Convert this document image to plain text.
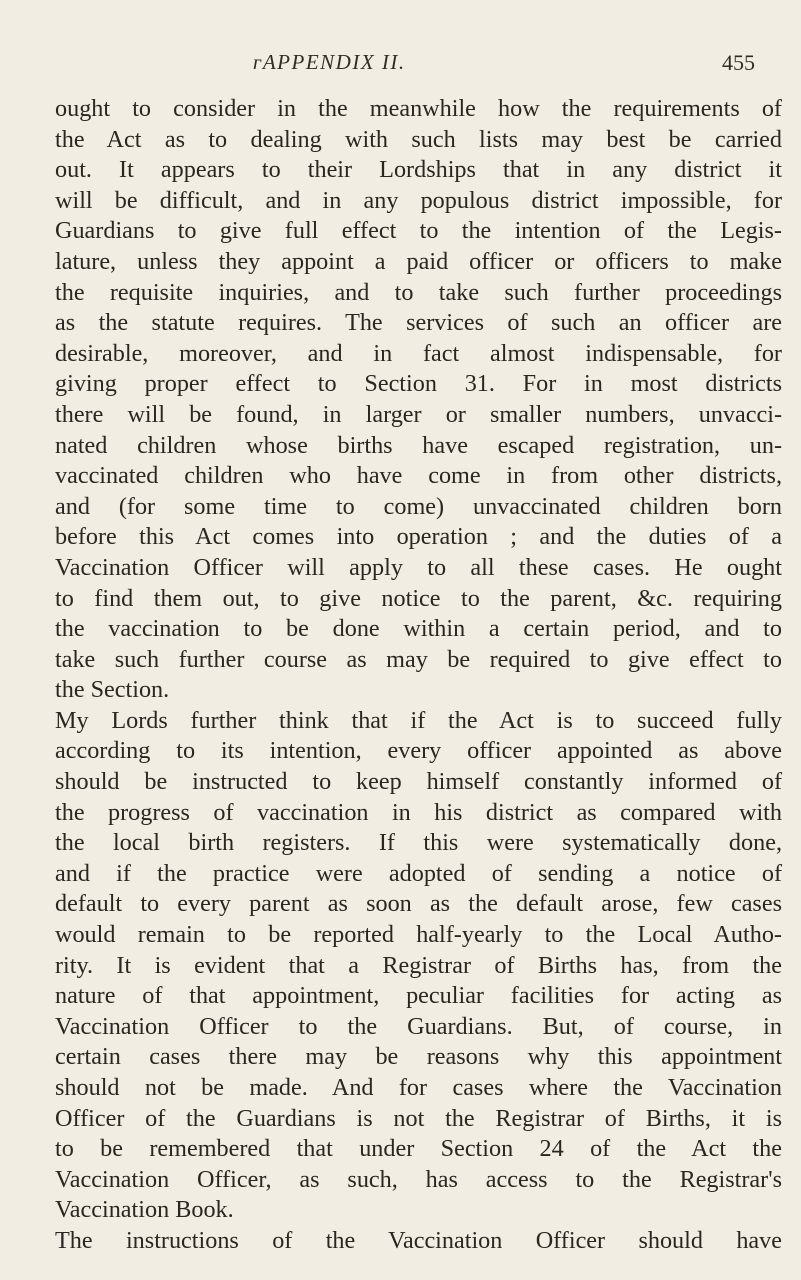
ᴦAPPENDIX II.	455
ought to consider in the meanwhile how the requirements of
the Act as to dealing with such lists may best be carried
out. It appears to their Lordships that in any district it
will be difficult, and in any populous district impossible, for
Guardians to give full effect to the intention of the Legis-
lature, unless they appoint a paid officer or officers to make
the requisite inquiries, and to take such further proceedings
as the statute requires. The services of such an officer are
desirable, moreover, and in fact almost indispensable, for
giving proper effect to Section 31. For in most districts
there will be found, in larger or smaller numbers, unvacci-
nated children whose births have escaped registration, un-
vaccinated children who have come in from other districts,
and (for some time to come) unvaccinated children born
before this Act comes into operation ; and the duties of a
Vaccination Officer will apply to all these cases. He ought
to find them out, to give notice to the parent, &c. requiring
the vaccination to be done within a certain period, and to
take such further course as may be required to give effect to
the Section.
My Lords further think that if the Act is to succeed fully
according to its intention, every officer appointed as above
should be instructed to keep himself constantly informed of
the progress of vaccination in his district as compared with
the local birth registers. If this were systematically done,
and if the practice were adopted of sending a notice of
default to every parent as soon as the default arose, few cases
would remain to be reported half-yearly to the Local Autho-
rity. It is evident that a Registrar of Births has, from the
nature of that appointment, peculiar facilities for acting as
Vaccination Officer to the Guardians. But, of course, in
certain cases there may be reasons why this appointment
should not be made. And for cases where the Vaccination
Officer of the Guardians is not the Registrar of Births, it is
to be remembered that under Section 24 of the Act the
Vaccination Officer, as such, has access to the Registrar's
Vaccination Book.
The instructions of the Vaccination Officer should have
